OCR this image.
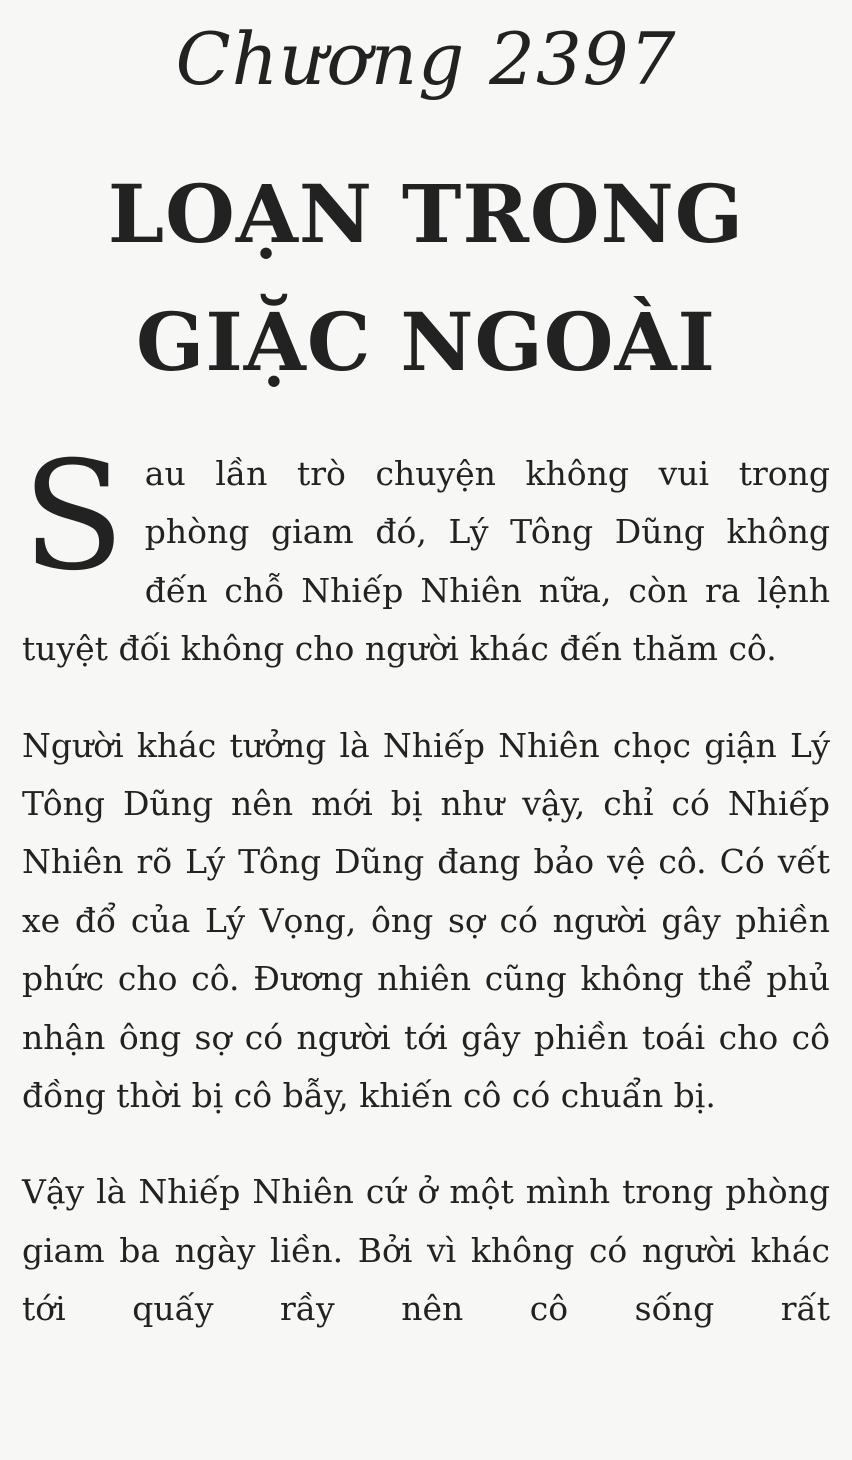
Chương 2397
LOẠN TRONG
GIẶC NGOÀI

Sau lần trò chuyện không vui trong phòng giam đó, Lý Tông Dũng không đến chỗ Nhiếp Nhiên nữa, còn ra lệnh tuyệt đối không cho người khác đến thăm cô.

Người khác tưởng là Nhiếp Nhiên chọc giận Lý Tông Dũng nên mới bị như vậy, chỉ có Nhiếp Nhiên rõ Lý Tông Dũng đang bảo vệ cô. Có vết xe đổ của Lý Vọng, ông sợ có người gây phiền phức cho cô. Đương nhiên cũng không thể phủ nhận ông sợ có người tới gây phiền toái cho cô đồng thời bị cô bẫy, khiến cô có chuẩn bị.

Vậy là Nhiếp Nhiên cứ ở một mình trong phòng giam ba ngày liền. Bởi vì không có người khác tới quấy rầy nên cô sống rất
